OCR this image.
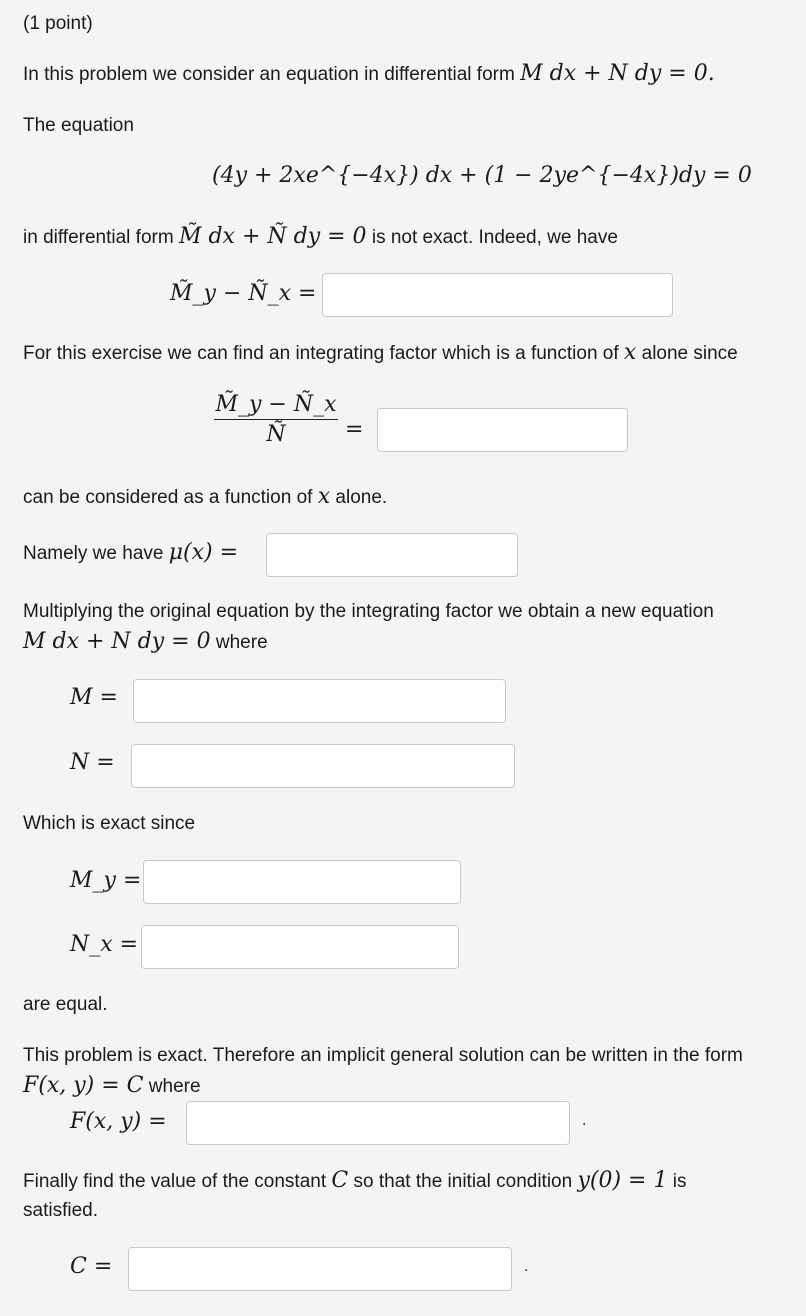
(1 point)
In this problem we consider an equation in differential form M dx + N dy = 0.
The equation
(4y + 2xe^{−4x}) dx + (1 − 2ye^{−4x})dy = 0
in differential form M̃ dx + Ñ dy = 0 is not exact. Indeed, we have
M̃_y − Ñ_x =
For this exercise we can find an integrating factor which is a function of x alone since
M̃_y − Ñ_x
Ñ	=
can be considered as a function of x alone.
Namely we have μ(x) =
Multiplying the original equation by the integrating factor we obtain a new equation
M dx + N dy = 0 where
M =
N =
Which is exact since
M_y =
N_x =
are equal.
This problem is exact. Therefore an implicit general solution can be written in the form
F(x, y) = C where
F(x, y) =	.
Finally find the value of the constant C so that the initial condition y(0) = 1 is
satisfied.
C =	.
